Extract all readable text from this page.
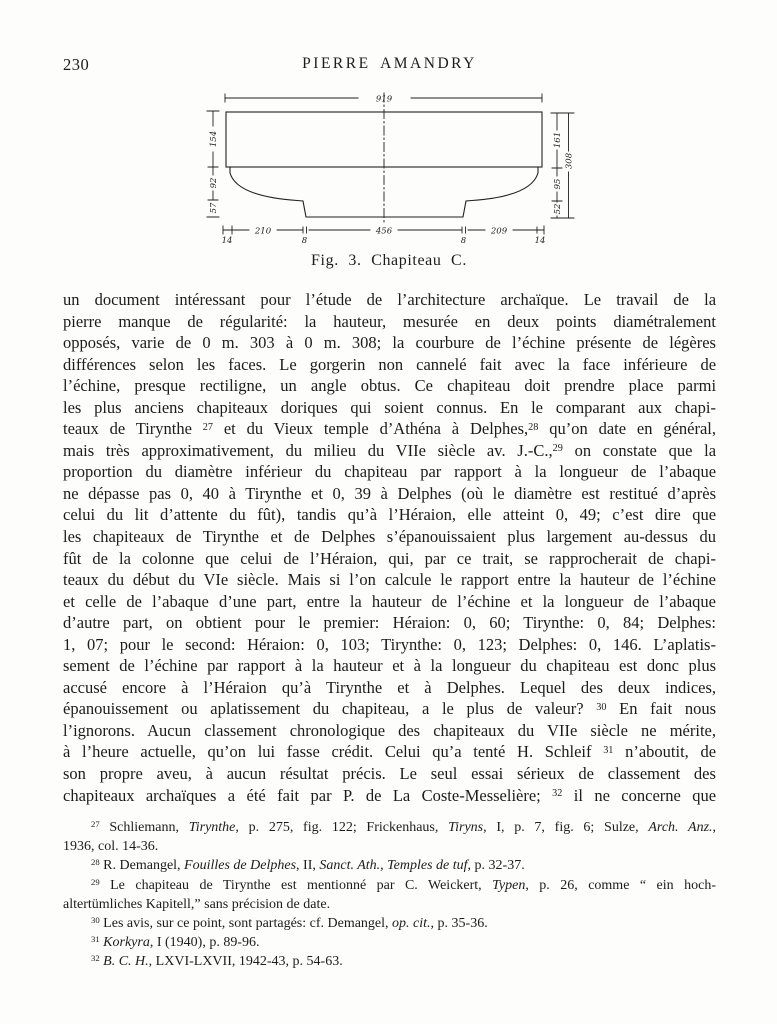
230	PIERRE AMANDRY
919
154
92
57
161
95
52
308
14
210
8
456
8
209
14
Fig. 3. Chapiteau C.
un document intéressant pour l’étude de l’architecture archaïque. Le travail de la
pierre manque de régularité: la hauteur, mesurée en deux points diamétralement
opposés, varie de 0 m. 303 à 0 m. 308; la courbure de l’échine présente de légères
différences selon les faces. Le gorgerin non cannelé fait avec la face inférieure de
l’échine, presque rectiligne, un angle obtus. Ce chapiteau doit prendre place parmi
les plus anciens chapiteaux doriques qui soient connus. En le comparant aux chapi-
teaux de Tirynthe $^{27}$ et du Vieux temple d’Athéna à Delphes,$^{28}$ qu’on date en général,
mais très approximativement, du milieu du VIIe siècle av. J.-C.,$^{29}$ on constate que la
proportion du diamètre inférieur du chapiteau par rapport à la longueur de l’abaque
ne dépasse pas 0, 40 à Tirynthe et 0, 39 à Delphes (où le diamètre est restitué d’après
celui du lit d’attente du fût), tandis qu’à l’Héraion, elle atteint 0, 49; c’est dire que
les chapiteaux de Tirynthe et de Delphes s’épanouissaient plus largement au-dessus du
fût de la colonne que celui de l’Héraion, qui, par ce trait, se rapprocherait de chapi-
teaux du début du VIe siècle. Mais si l’on calcule le rapport entre la hauteur de l’échine
et celle de l’abaque d’une part, entre la hauteur de l’échine et la longueur de l’abaque
d’autre part, on obtient pour le premier: Héraion: 0, 60; Tirynthe: 0, 84; Delphes:
1, 07; pour le second: Héraion: 0, 103; Tirynthe: 0, 123; Delphes: 0, 146. L’aplatis-
sement de l’échine par rapport à la hauteur et à la longueur du chapiteau est donc plus
accusé encore à l’Héraion qu’à Tirynthe et à Delphes. Lequel des deux indices,
épanouissement ou aplatissement du chapiteau, a le plus de valeur? $^{30}$ En fait nous
l’ignorons. Aucun classement chronologique des chapiteaux du VIIe siècle ne mérite,
à l’heure actuelle, qu’on lui fasse crédit. Celui qu’a tenté H. Schleif $^{31}$ n’aboutit, de
son propre aveu, à aucun résultat précis. Le seul essai sérieux de classement des
chapiteaux archaïques a été fait par P. de La Coste-Messelière; $^{32}$ il ne concerne que
$^{27}$ Schliemann, Tirynthe, p. 275, fig. 122; Frickenhaus, Tiryns, I, p. 7, fig. 6; Sulze, Arch. Anz.,
1936, col. 14-36.
$^{28}$ R. Demangel, Fouilles de Delphes, II, Sanct. Ath., Temples de tuf, p. 32-37.
$^{29}$ Le chapiteau de Tirynthe est mentionné par C. Weickert, Typen, p. 26, comme “ ein hoch-
altertümliches Kapitell,” sans précision de date.
$^{30}$ Les avis, sur ce point, sont partagés: cf. Demangel, op. cit., p. 35-36.
$^{31}$ Korkyra, I (1940), p. 89-96.
$^{32}$ B. C. H., LXVI-LXVII, 1942-43, p. 54-63.
